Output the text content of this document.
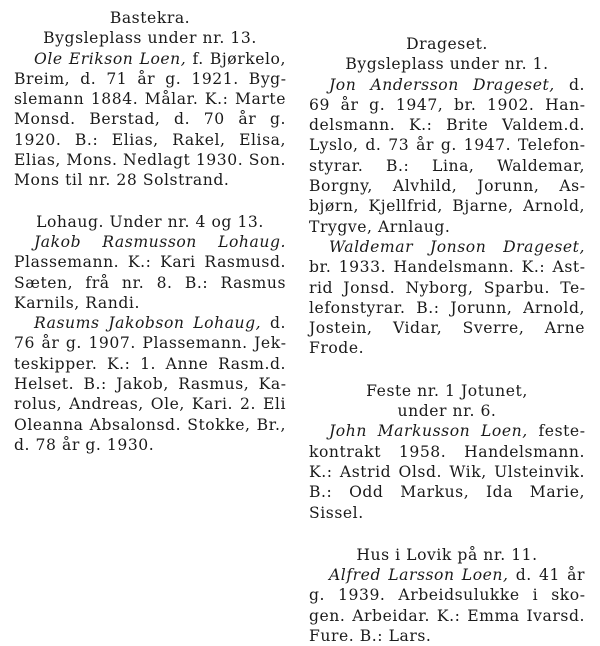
Bastekra.
Bygsleplass under nr. 13.

Ole Erikson Loen, f. Bjørkelo, Breim, d. 71 år g. 1921. Bygslemann 1884. Målar. K.: Marte Monsd. Berstad, d. 70 år g. 1920. B.: Elias, Rakel, Elisa, Elias, Mons. Nedlagt 1930. Son. Mons til nr. 28 Solstrand.

Lohaug. Under nr. 4 og 13.

Jakob Rasmusson Lohaug. Plassemann. K.: Kari Rasmusd. Sæten, frå nr. 8. B.: Rasmus Karnils, Randi.

Rasums Jakobson Lohaug, d. 76 år g. 1907. Plassemann. Jekteskipper. K.: 1. Anne Rasm.d. Helset. B.: Jakob, Rasmus, Karolus, Andreas, Ole, Kari. 2. Eli Oleanna Absalonsd. Stokke, Br., d. 78 år g. 1930.

Drageset.
Bygsleplass under nr. 1.

Jon Andersson Drageset, d. 69 år g. 1947, br. 1902. Handelsmann. K.: Brite Valdem.d. Lyslo, d. 73 år g. 1947. Telefonstyrar. B.: Lina, Waldemar, Borgny, Alvhild, Jorunn, Asbjørn, Kjellfrid, Bjarne, Arnold, Trygve, Arnlaug.

Waldemar Jonson Drageset, br. 1933. Handelsmann. K.: Astrid Jonsd. Nyborg, Sparbu. Telefonstyrar. B.: Jorunn, Arnold, Jostein, Vidar, Sverre, Arne Frode.

Feste nr. 1 Jotunet,
under nr. 6.

John Markusson Loen, festekontrakt 1958. Handelsmann. K.: Astrid Olsd. Wik, Ulsteinvik. B.: Odd Markus, Ida Marie, Sissel.

Hus i Lovik på nr. 11.

Alfred Larsson Loen, d. 41 år g. 1939. Arbeidsulukke i skogen. Arbeidar. K.: Emma Ivarsd. Fure. B.: Lars.
